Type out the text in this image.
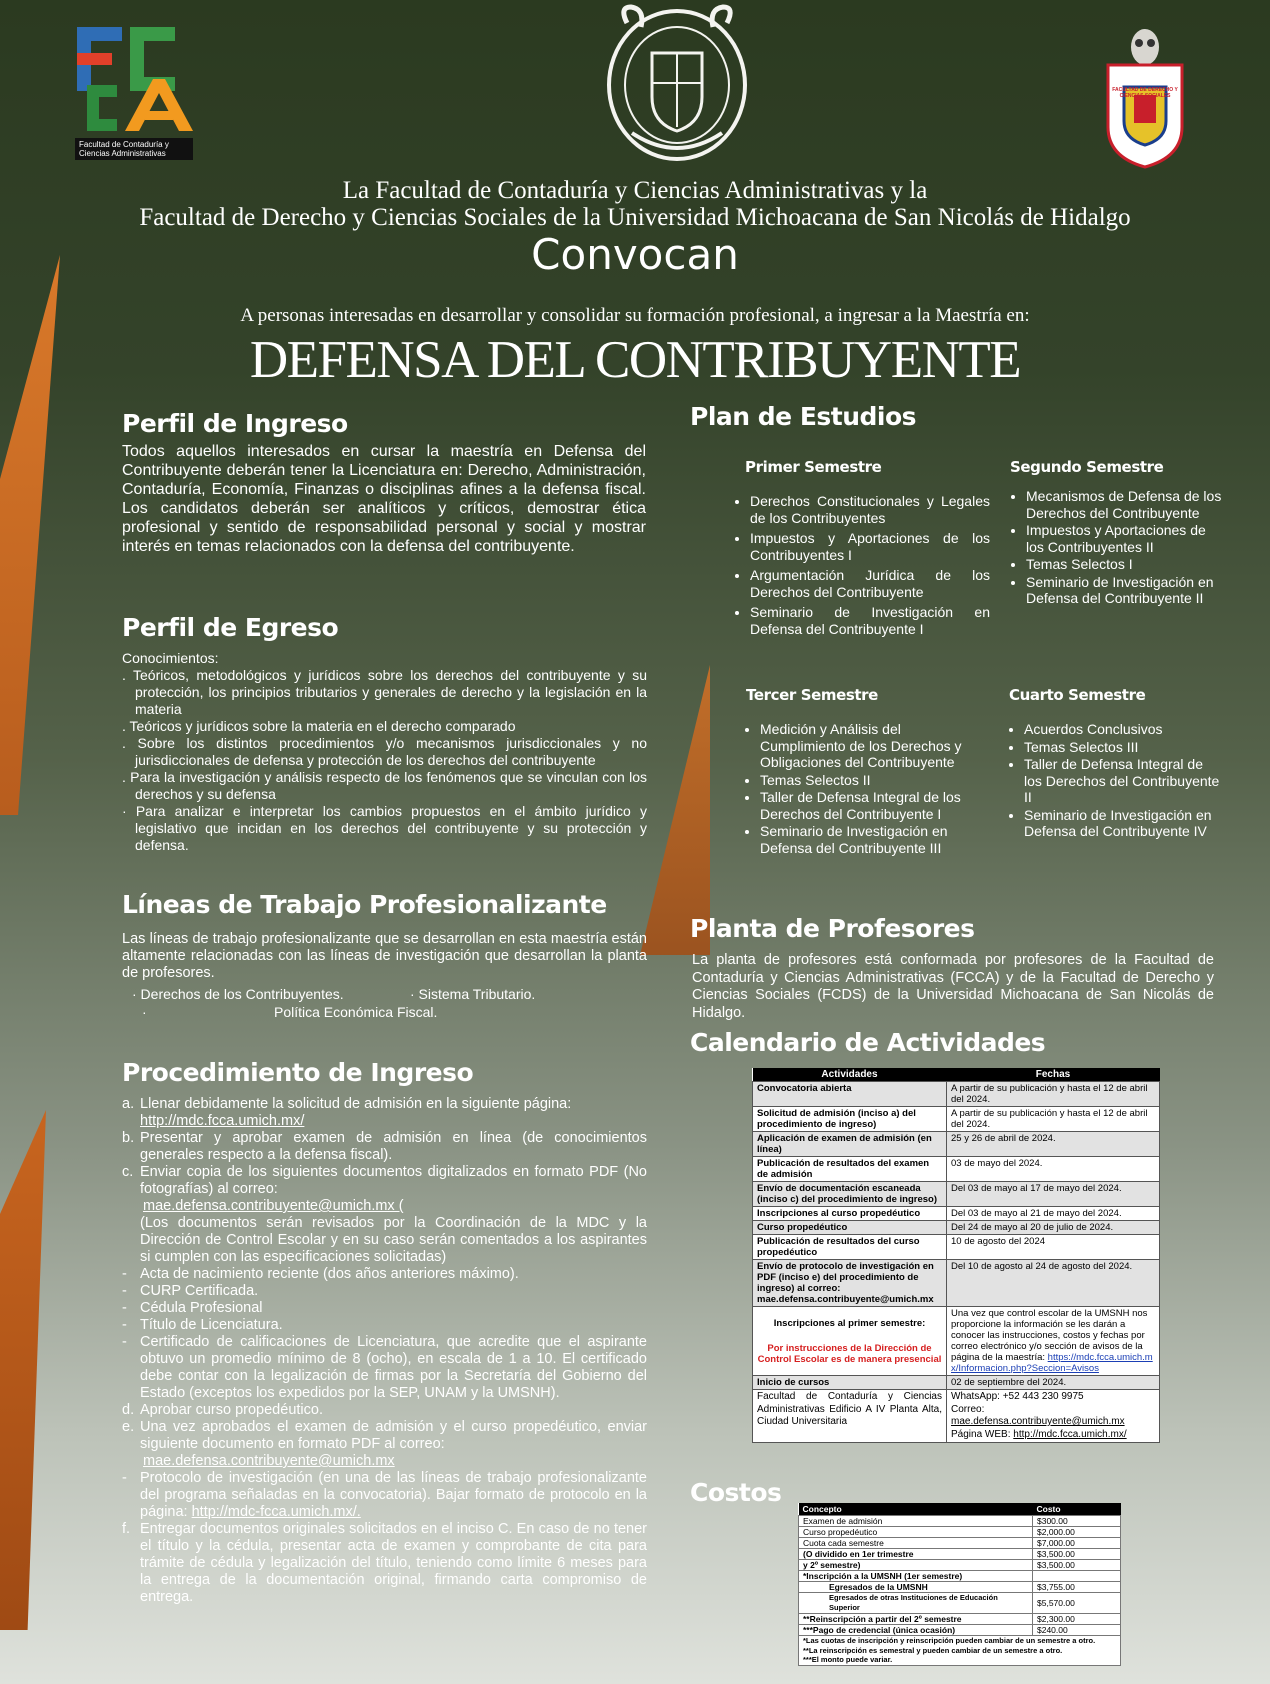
Facultad de Contaduría y Ciencias Administrativas
FACULTAD DE DERECHO Y CIENCIAS SOCIALES
La Facultad de Contaduría y Ciencias Administrativas y la
Facultad de Derecho y Ciencias Sociales de la Universidad Michoacana de San Nicolás de Hidalgo
Convocan
A personas interesadas en desarrollar y consolidar su formación profesional, a ingresar a la Maestría en:
DEFENSA DEL CONTRIBUYENTE
Perfil de Ingreso
Todos aquellos interesados en cursar la maestría en Defensa del Contribuyente deberán tener la Licenciatura en: Derecho, Administración, Contaduría, Economía, Finanzas o disciplinas afines a la defensa fiscal. Los candidatos deberán ser analíticos y críticos, demostrar ética profesional y sentido de responsabilidad personal y social y mostrar interés en temas relacionados con la defensa del contribuyente.
Perfil de Egreso
Conocimientos:
. Teóricos, metodológicos y jurídicos sobre los derechos del contribuyente y su protección, los principios tributarios y generales de derecho y la legislación en la materia
. Teóricos y jurídicos sobre la materia en el derecho comparado
. Sobre los distintos procedimientos y/o mecanismos jurisdiccionales y no jurisdiccionales de defensa y protección de los derechos del contribuyente
. Para la investigación y análisis respecto de los fenómenos que se vinculan con los derechos y su defensa
· Para analizar e interpretar los cambios propuestos en el ámbito jurídico y legislativo que incidan en los derechos del contribuyente y su protección y defensa.
Líneas de Trabajo Profesionalizante
Las líneas de trabajo profesionalizante que se desarrollan en esta maestría están altamente relacionadas con las líneas de investigación que desarrollan la planta de profesores.
· Derechos de los Contribuyentes.	· Sistema Tributario.
·	Política Económica Fiscal.
Procedimiento de Ingreso
a. Llenar debidamente la solicitud de admisión en la siguiente página:
http://mdc.fcca.umich.mx/
b. Presentar y aprobar examen de admisión en línea (de conocimientos generales respecto a la defensa fiscal).
c. Enviar copia de los siguientes documentos digitalizados en formato PDF (No fotografías) al correo:
mae.defensa.contribuyente@umich.mx (
(Los documentos serán revisados por la Coordinación de la MDC y la Dirección de Control Escolar y en su caso serán comentados a los aspirantes si cumplen con las especificaciones solicitadas)
- Acta de nacimiento reciente (dos años anteriores máximo).
- CURP Certificada.
- Cédula Profesional
- Título de Licenciatura.
- Certificado de calificaciones de Licenciatura, que acredite que el aspirante obtuvo un promedio mínimo de 8 (ocho), en escala de 1 a 10. El certificado debe contar con la legalización de firmas por la Secretaría del Gobierno del Estado (exceptos los expedidos por la SEP, UNAM y la UMSNH).
d. Aprobar curso propedéutico.
e. Una vez aprobados el examen de admisión y el curso propedéutico, enviar siguiente documento en formato PDF al correo:
mae.defensa.contribuyente@umich.mx
- Protocolo de investigación (en una de las líneas de trabajo profesionalizante del programa señaladas en la convocatoria). Bajar formato de protocolo en la página: http://mdc-fcca.umich.mx/.
f. Entregar documentos originales solicitados en el inciso C. En caso de no tener el título y la cédula, presentar acta de examen y comprobante de cita para trámite de cédula y legalización del título, teniendo como límite 6 meses para la entrega de la documentación original, firmando carta compromiso de entrega.
Plan de Estudios
Primer Semestre
• Derechos Constitucionales y Legales de los Contribuyentes
• Impuestos y Aportaciones de los Contribuyentes I
• Argumentación Jurídica de los Derechos del Contribuyente
• Seminario de Investigación en Defensa del Contribuyente I
Segundo Semestre
• Mecanismos de Defensa de los Derechos del Contribuyente
• Impuestos y Aportaciones de los Contribuyentes II
• Temas Selectos I
• Seminario de Investigación en Defensa del Contribuyente II
Tercer Semestre
• Medición y Análisis del Cumplimiento de los Derechos y Obligaciones del Contribuyente
• Temas Selectos II
• Taller de Defensa Integral de los Derechos del Contribuyente I
• Seminario de Investigación en Defensa del Contribuyente III
Cuarto Semestre
• Acuerdos Conclusivos
• Temas Selectos III
• Taller de Defensa Integral de los Derechos del Contribuyente II
• Seminario de Investigación en Defensa del Contribuyente IV
Planta de Profesores
La planta de profesores está conformada por profesores de la Facultad de Contaduría y Ciencias Administrativas (FCCA) y de la Facultad de Derecho y Ciencias Sociales (FCDS) de la Universidad Michoacana de San Nicolás de Hidalgo.
Calendario de Actividades
Actividades	Fechas
Convocatoria abierta	A partir de su publicación y hasta el 12 de abril del 2024.
Solicitud de admisión (inciso a) del procedimiento de ingreso)	A partir de su publicación y hasta el 12 de abril del 2024.
Aplicación de examen de admisión (en línea)	25 y 26 de abril de 2024.
Publicación de resultados del examen de admisión	03 de mayo del 2024.
Envío de documentación escaneada (inciso c) del procedimiento de ingreso)	Del 03 de mayo al 17 de mayo del 2024.
Inscripciones al curso propedéutico	Del 03 de mayo al 21 de mayo del 2024.
Curso propedéutico	Del 24 de mayo al 20 de julio de 2024.
Publicación de resultados del curso propedéutico	10 de agosto del 2024
Envío de protocolo de investigación en PDF (inciso e) del procedimiento de ingreso) al correo: mae.defensa.contribuyente@umich.mx	Del 10 de agosto al 24 de agosto del 2024.

Inscripciones al primer semestre:
Por instrucciones de la Dirección de Control Escolar es de manera presencial	Una vez que control escolar de la UMSNH nos proporcione la información se les darán a conocer las instrucciones, costos y fechas por correo electrónico y/o sección de avisos de la página de la maestría: https://mdc.fcca.umich.mx/Informacion.php?Seccion=Avisos
Inicio de cursos	02 de septiembre del 2024.
Facultad de Contaduría y Ciencias Administrativas Edificio A IV Planta Alta, Ciudad Universitaria	WhatsApp: +52 443 230 9975
Correo: mae.defensa.contribuyente@umich.mx
Página WEB: http://mdc.fcca.umich.mx/
Costos
Concepto	Costo
Examen de admisión	$300.00
Curso propedéutico	$2,000.00
Cuota cada semestre	$7,000.00
(O dividido en 1er trimestre	$3,500.00
y 2º semestre)	$3,500.00
*Inscripción a la UMSNH (1er semestre)	
Egresados de la UMSNH	$3,755.00
Egresados de otras Instituciones de Educación Superior	$5,570.00
**Reinscripción a partir del 2º semestre	$2,300.00
***Pago de credencial (única ocasión)	$240.00

*Las cuotas de inscripción y reinscripción pueden cambiar de un semestre a otro.
**La reinscripción es semestral y pueden cambiar de un semestre a otro.
***El monto puede variar.	
